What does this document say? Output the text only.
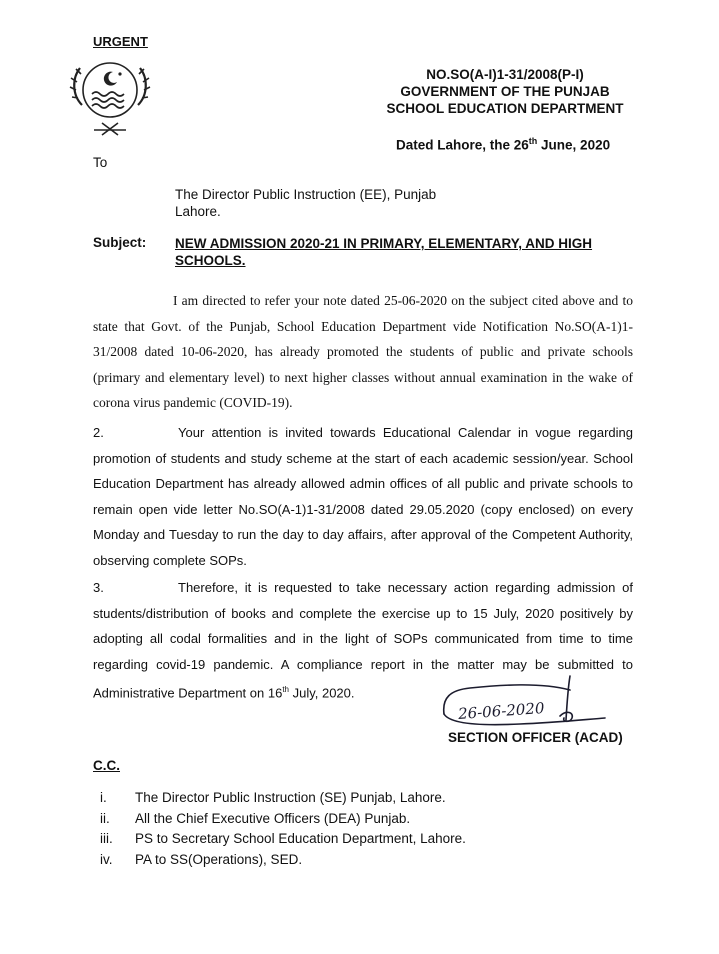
URGENT
NO.SO(A-I)1-31/2008(P-I)
GOVERNMENT OF THE PUNJAB
SCHOOL EDUCATION DEPARTMENT
Dated Lahore, the 26th June, 2020
To
The Director Public Instruction (EE), Punjab
Lahore.
Subject: NEW ADMISSION 2020-21 IN PRIMARY, ELEMENTARY, AND HIGH
SCHOOLS.
I am directed to refer your note dated 25-06-2020 on the subject cited above and to state that Govt. of the Punjab, School Education Department vide Notification No.SO(A-1)1-31/2008 dated 10-06-2020, has already promoted the students of public and private schools (primary and elementary level) to next higher classes without annual examination in the wake of corona virus pandemic (COVID-19).
2.	Your attention is invited towards Educational Calendar in vogue regarding promotion of students and study scheme at the start of each academic session/year. School Education Department has already allowed admin offices of all public and private schools to remain open vide letter No.SO(A-1)1-31/2008 dated 29.05.2020 (copy enclosed) on every Monday and Tuesday to run the day to day affairs, after approval of the Competent Authority, observing complete SOPs.
3.	Therefore, it is requested to take necessary action regarding admission of students/distribution of books and complete the exercise up to 15 July, 2020 positively by adopting all codal formalities and in the light of SOPs communicated from time to time regarding covid-19 pandemic. A compliance report in the matter may be submitted to Administrative Department on 16th July, 2020.
26-06-2020
SECTION OFFICER (ACAD)
C.C.
i.	The Director Public Instruction (SE) Punjab, Lahore.
ii.	All the Chief Executive Officers (DEA) Punjab.
iii.	PS to Secretary School Education Department, Lahore.
iv.	PA to SS(Operations), SED.
